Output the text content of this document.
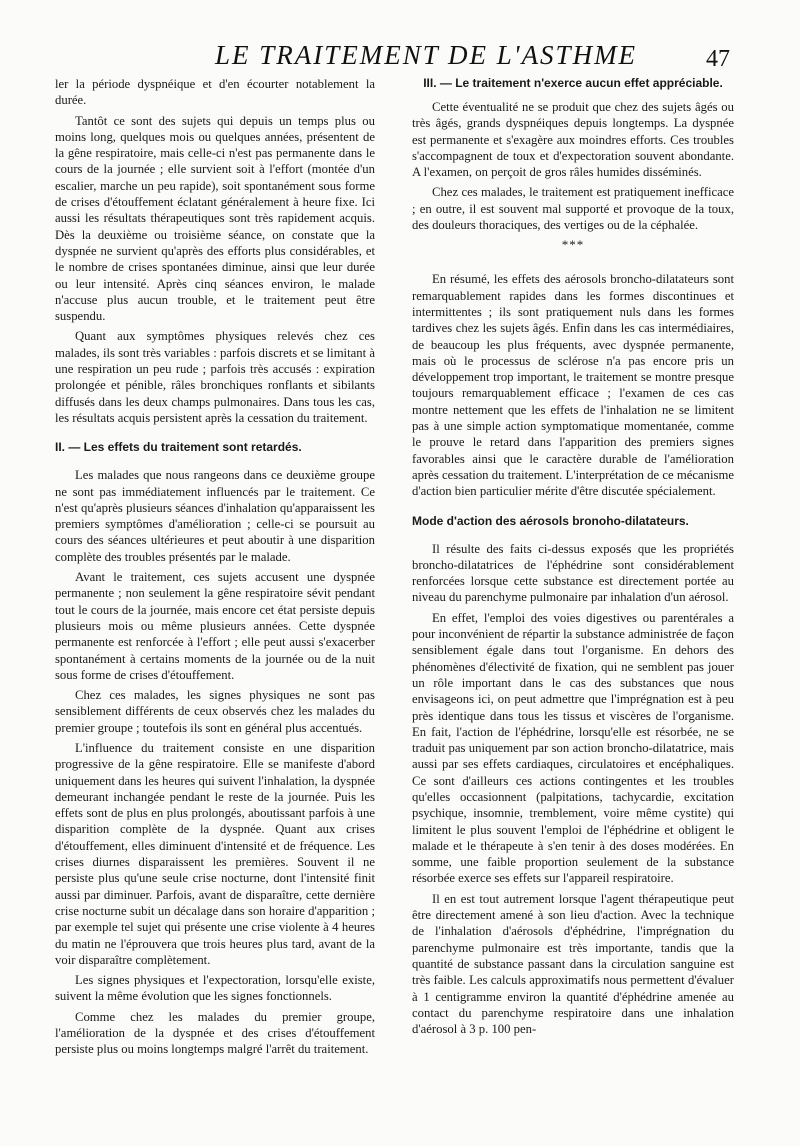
LE TRAITEMENT DE L'ASTHME	47

ler la période dyspnéique et d'en écourter notablement la durée.

Tantôt ce sont des sujets qui depuis un temps plus ou moins long, quelques mois ou quelques années, présentent de la gêne respiratoire, mais celle-ci n'est pas permanente dans le cours de la journée ; elle survient soit à l'effort (montée d'un escalier, marche un peu rapide), soit spontanément sous forme de crises d'étouffement éclatant généralement à heure fixe. Ici aussi les résultats thérapeutiques sont très rapidement acquis. Dès la deuxième ou troisième séance, on constate que la dyspnée ne survient qu'après des efforts plus considérables, et le nombre de crises spontanées diminue, ainsi que leur durée ou leur intensité. Après cinq séances environ, le malade n'accuse plus aucun trouble, et le traitement peut être suspendu.

Quant aux symptômes physiques relevés chez ces malades, ils sont très variables : parfois discrets et se limitant à une respiration un peu rude ; parfois très accusés : expiration prolongée et pénible, râles bronchiques ronflants et sibilants diffusés dans les deux champs pulmonaires. Dans tous les cas, les résultats acquis persistent après la cessation du traitement.

II. — Les effets du traitement sont retardés.

Les malades que nous rangeons dans ce deuxième groupe ne sont pas immédiatement influencés par le traitement. Ce n'est qu'après plusieurs séances d'inhalation qu'apparaissent les premiers symptômes d'amélioration ; celle-ci se poursuit au cours des séances ultérieures et peut aboutir à une disparition complète des troubles présentés par le malade.

Avant le traitement, ces sujets accusent une dyspnée permanente ; non seulement la gêne respiratoire sévit pendant tout le cours de la journée, mais encore cet état persiste depuis plusieurs mois ou même plusieurs années. Cette dyspnée permanente est renforcée à l'effort ; elle peut aussi s'exacerber spontanément à certains moments de la journée ou de la nuit sous forme de crises d'étouffement.

Chez ces malades, les signes physiques ne sont pas sensiblement différents de ceux observés chez les malades du premier groupe ; toutefois ils sont en général plus accentués.

L'influence du traitement consiste en une disparition progressive de la gêne respiratoire. Elle se manifeste d'abord uniquement dans les heures qui suivent l'inhalation, la dyspnée demeurant inchangée pendant le reste de la journée. Puis les effets sont de plus en plus prolongés, aboutissant parfois à une disparition complète de la dyspnée. Quant aux crises d'étouffement, elles diminuent d'intensité et de fréquence. Les crises diurnes disparaissent les premières. Souvent il ne persiste plus qu'une seule crise nocturne, dont l'intensité finit aussi par diminuer. Parfois, avant de disparaître, cette dernière crise nocturne subit un décalage dans son horaire d'apparition ; par exemple tel sujet qui présente une crise violente à 4 heures du matin ne l'éprouvera que trois heures plus tard, avant de la voir disparaître complètement.

Les signes physiques et l'expectoration, lorsqu'elle existe, suivent la même évolution que les signes fonctionnels.

Comme chez les malades du premier groupe, l'amélioration de la dyspnée et des crises d'étouffement persiste plus ou moins longtemps malgré l'arrêt du traitement.

III. — Le traitement n'exerce aucun effet appréciable.

Cette éventualité ne se produit que chez des sujets âgés ou très âgés, grands dyspnéiques depuis longtemps. La dyspnée est permanente et s'exagère aux moindres efforts. Ces troubles s'accompagnent de toux et d'expectoration souvent abondante. A l'examen, on perçoit de gros râles humides disséminés.

Chez ces malades, le traitement est pratiquement inefficace ; en outre, il est souvent mal supporté et provoque de la toux, des douleurs thoraciques, des vertiges ou de la céphalée.

***

En résumé, les effets des aérosols broncho-dilatateurs sont remarquablement rapides dans les formes discontinues et intermittentes ; ils sont pratiquement nuls dans les formes tardives chez les sujets âgés. Enfin dans les cas intermédiaires, de beaucoup les plus fréquents, avec dyspnée permanente, mais où le processus de sclérose n'a pas encore pris un développement trop important, le traitement se montre presque toujours remarquablement efficace ; l'examen de ces cas montre nettement que les effets de l'inhalation ne se limitent pas à une simple action symptomatique momentanée, comme le prouve le retard dans l'apparition des premiers signes favorables ainsi que le caractère durable de l'amélioration après cessation du traitement. L'interprétation de ce mécanisme d'action bien particulier mérite d'être discutée spécialement.

Mode d'action des aérosols bronoho-dilatateurs.

Il résulte des faits ci-dessus exposés que les propriétés broncho-dilatatrices de l'éphédrine sont considérablement renforcées lorsque cette substance est directement portée au niveau du parenchyme pulmonaire par inhalation d'un aérosol.

En effet, l'emploi des voies digestives ou parentérales a pour inconvénient de répartir la substance administrée de façon sensiblement égale dans tout l'organisme. En dehors des phénomènes d'électivité de fixation, qui ne semblent pas jouer un rôle important dans le cas des substances que nous envisageons ici, on peut admettre que l'imprégnation est à peu près identique dans tous les tissus et viscères de l'organisme. En fait, l'action de l'éphédrine, lorsqu'elle est résorbée, ne se traduit pas uniquement par son action broncho-dilatatrice, mais aussi par ses effets cardiaques, circulatoires et encéphaliques. Ce sont d'ailleurs ces actions contingentes et les troubles qu'elles occasionnent (palpitations, tachycardie, excitation psychique, insomnie, tremblement, voire même cystite) qui limitent le plus souvent l'emploi de l'éphédrine et obligent le malade et le thérapeute à s'en tenir à des doses modérées. En somme, une faible proportion seulement de la substance résorbée exerce ses effets sur l'appareil respiratoire.

Il en est tout autrement lorsque l'agent thérapeutique peut être directement amené à son lieu d'action. Avec la technique de l'inhalation d'aérosols d'éphédrine, l'imprégnation du parenchyme pulmonaire est très importante, tandis que la quantité de substance passant dans la circulation sanguine est très faible. Les calculs approximatifs nous permettent d'évaluer à 1 centigramme environ la quantité d'éphédrine amenée au contact du parenchyme respiratoire dans une inhalation d'aérosol à 3 p. 100 pen-
